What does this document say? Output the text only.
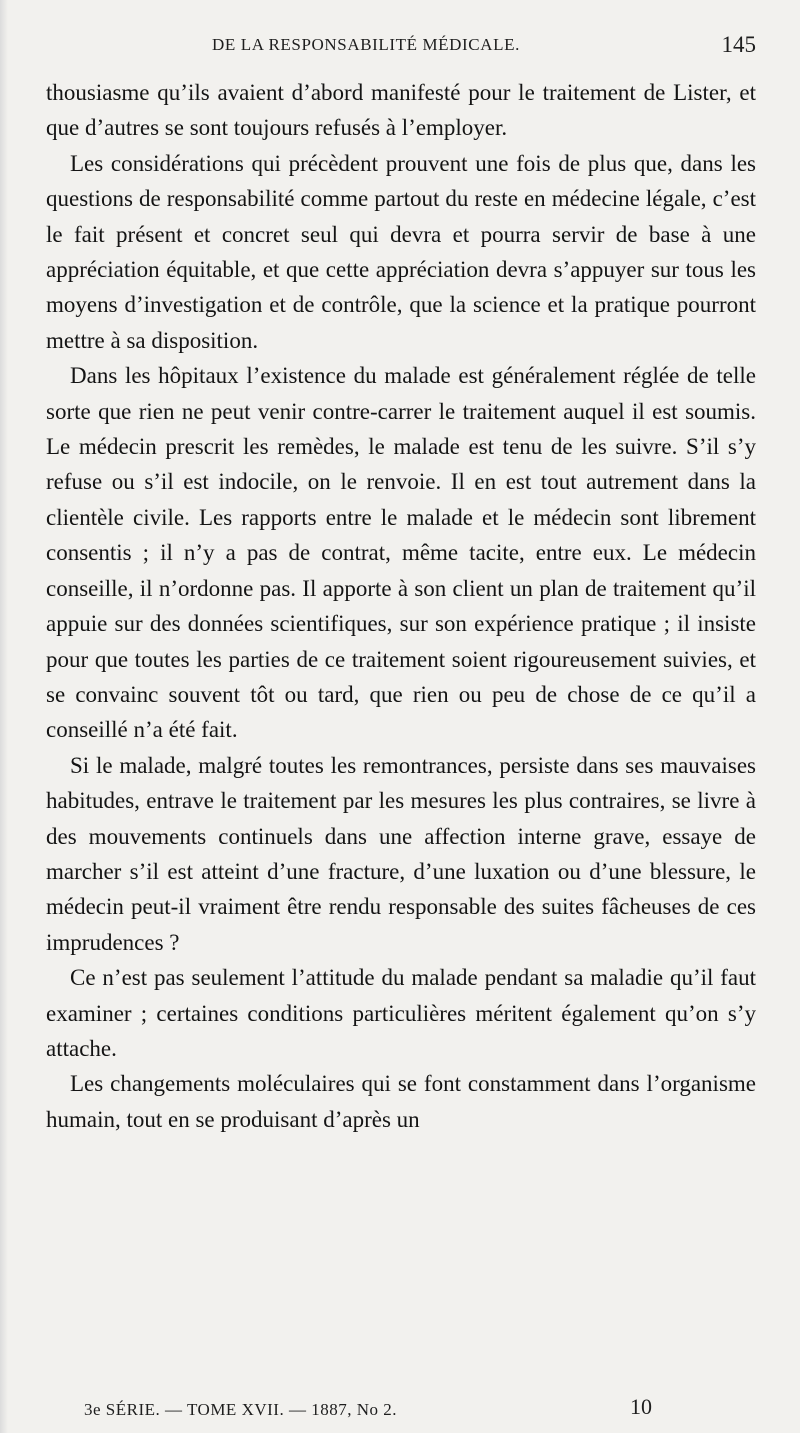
DE LA RESPONSABILITÉ MÉDICALE.	145

thousiasme qu’ils avaient d’abord manifesté pour le traitement de Lister, et que d’autres se sont toujours refusés à l’employer.

Les considérations qui précèdent prouvent une fois de plus que, dans les questions de responsabilité comme partout du reste en médecine légale, c’est le fait présent et concret seul qui devra et pourra servir de base à une appréciation équitable, et que cette appréciation devra s’appuyer sur tous les moyens d’investigation et de contrôle, que la science et la pratique pourront mettre à sa disposition.

Dans les hôpitaux l’existence du malade est généralement réglée de telle sorte que rien ne peut venir contre-carrer le traitement auquel il est soumis. Le médecin prescrit les remèdes, le malade est tenu de les suivre. S’il s’y refuse ou s’il est indocile, on le renvoie. Il en est tout autrement dans la clientèle civile. Les rapports entre le malade et le médecin sont librement consentis ; il n’y a pas de contrat, même tacite, entre eux. Le médecin conseille, il n’ordonne pas. Il apporte à son client un plan de traitement qu’il appuie sur des données scientifiques, sur son expérience pratique ; il insiste pour que toutes les parties de ce traitement soient rigoureusement suivies, et se convainc souvent tôt ou tard, que rien ou peu de chose de ce qu’il a conseillé n’a été fait.

Si le malade, malgré toutes les remontrances, persiste dans ses mauvaises habitudes, entrave le traitement par les mesures les plus contraires, se livre à des mouvements continuels dans une affection interne grave, essaye de marcher s’il est atteint d’une fracture, d’une luxation ou d’une blessure, le médecin peut-il vraiment être rendu responsable des suites fâcheuses de ces imprudences ?

Ce n’est pas seulement l’attitude du malade pendant sa maladie qu’il faut examiner ; certaines conditions particulières méritent également qu’on s’y attache.

Les changements moléculaires qui se font constamment dans l’organisme humain, tout en se produisant d’après un

3e SÉRIE. — TOME XVII. — 1887, No 2.	10
